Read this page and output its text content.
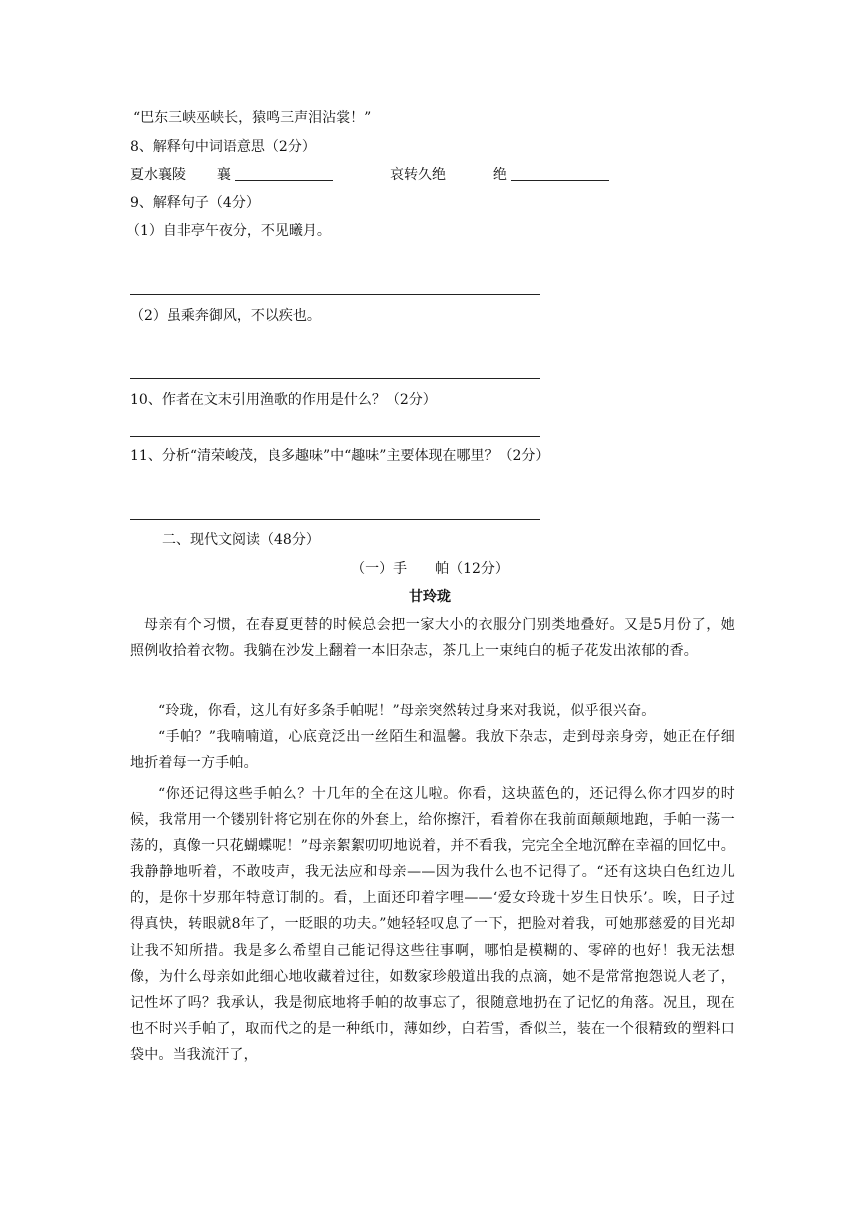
“巴东三峡巫峡长，猿鸣三声泪沾裳！”
8、解释句中词语意思（2分）
夏水襄陵 襄	哀转久绝	绝
9、解释句子（4分）
（1）自非亭午夜分，不见曦月。
（2）虽乘奔御风，不以疾也。
10、作者在文末引用渔歌的作用是什么？（2分）
11、分析“清荣峻茂，良多趣味”中“趣味”主要体现在哪里？（2分）
二、现代文阅读（48分）
（一）手　　帕（12分）
甘玲珑
母亲有个习惯，在春夏更替的时候总会把一家大小的衣服分门别类地叠好。又是5月份了，她照例收拾着衣物。我躺在沙发上翻着一本旧杂志，茶几上一束纯白的栀子花发出浓郁的香。
“玲珑，你看，这儿有好多条手帕呢！”母亲突然转过身来对我说，似乎很兴奋。
“手帕？”我喃喃道，心底竟泛出一丝陌生和温馨。我放下杂志，走到母亲身旁，她正在仔细地折着每一方手帕。
“你还记得这些手帕么？十几年的全在这儿啦。你看，这块蓝色的，还记得么你才四岁的时候，我常用一个镂别针将它别在你的外套上，给你擦汗，看着你在我前面颠颠地跑，手帕一荡一荡的，真像一只花蝴蝶呢！”母亲絮絮叨叨地说着，并不看我，完完全全地沉醉在幸福的回忆中。我静静地听着，不敢吱声，我无法应和母亲——因为我什么也不记得了。“还有这块白色红边儿的，是你十岁那年特意订制的。看，上面还印着字哩——‘爱女玲珑十岁生日快乐’。唉，日子过得真快，转眼就8年了，一眨眼的功夫。”她轻轻叹息了一下，把脸对着我，可她那慈爱的目光却让我不知所措。我是多么希望自己能记得这些往事啊，哪怕是模糊的、零碎的也好！我无法想像，为什么母亲如此细心地收藏着过往，如数家珍般道出我的点滴，她不是常常抱怨说人老了，记性坏了吗？我承认，我是彻底地将手帕的故事忘了，很随意地扔在了记忆的角落。况且，现在也不时兴手帕了，取而代之的是一种纸巾，薄如纱，白若雪，香似兰，装在一个很精致的塑料口袋中。当我流汗了，
